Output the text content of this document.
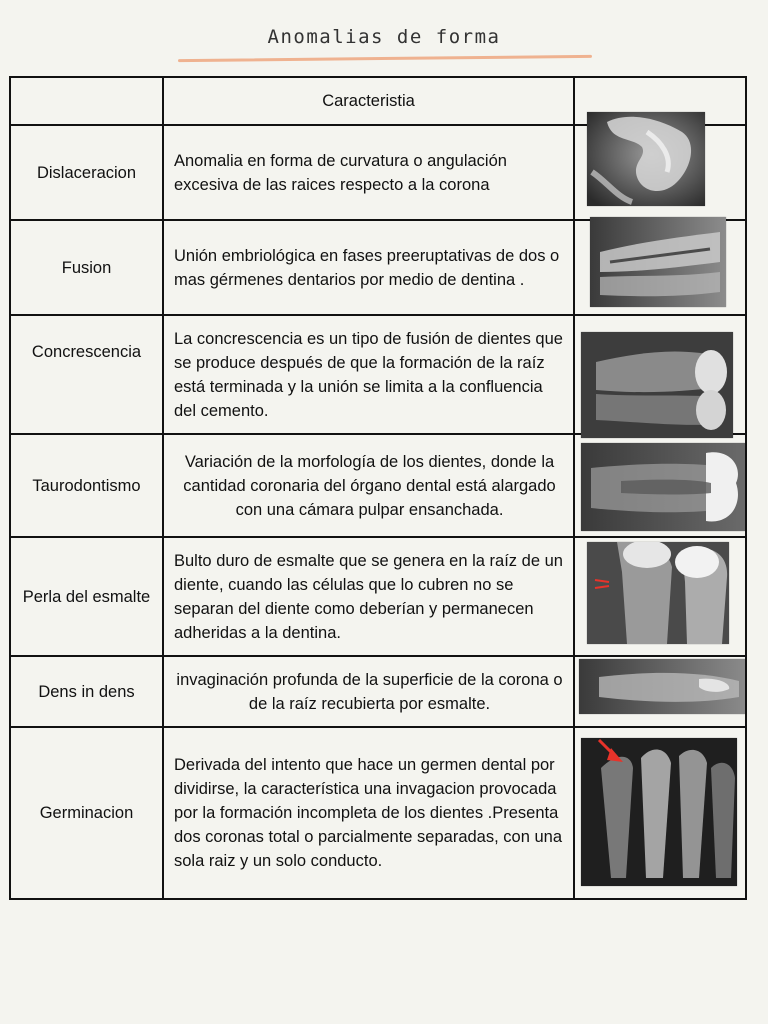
Anomalias de forma
	Caracteristia	
Dislaceracion	Anomalia en forma de curvatura o angulación excesiva de las raices respecto a la corona	

Fusion	Unión embriológica en fases preeruptativas de dos o mas gérmenes dentarios por medio de dentina .	

Concrescencia	La concrescencia es un tipo de fusión de dientes que se produce después de que la formación de la raíz está terminada y la unión se limita a la confluencia del cemento.	

Taurodontismo	Variación de la morfología de los dientes, donde la cantidad coronaria del órgano dental está alargado con una cámara pulpar ensanchada.	

Perla del esmalte	Bulto duro de esmalte que se genera en la raíz de un diente, cuando las células que lo cubren no se separan del diente como deberían y permanecen adheridas a la dentina.	

Dens in dens	invaginación profunda de la superficie de la corona o de la raíz recubierta por esmalte.	

Germinacion	Derivada del intento que hace un germen dental por dividirse, la característica una invagacion provocada por la formación incompleta de los dientes .Presenta dos coronas total o parcialmente separadas, con una sola raiz y un solo conducto.	
